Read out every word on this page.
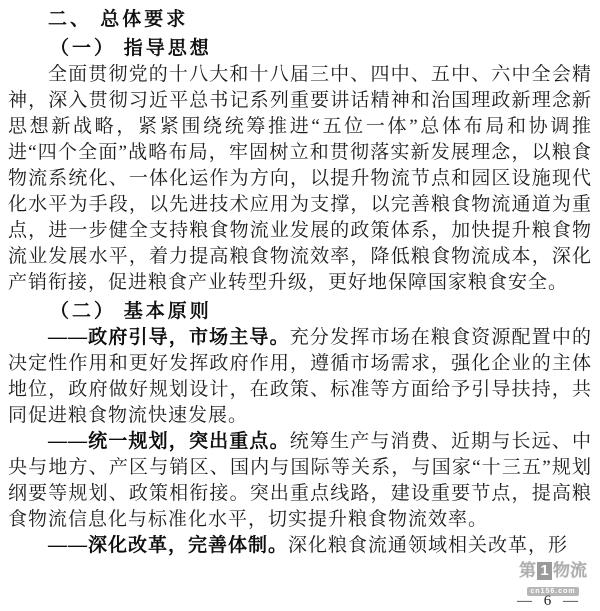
二、 总体要求
（一） 指导思想

全面贯彻党的十八大和十八届三中、四中、五中、六中全会精神，深入贯彻习近平总书记系列重要讲话精神和治国理政新理念新思想新战略，紧紧围绕统筹推进“五位一体”总体布局和协调推进“四个全面”战略布局，牢固树立和贯彻落实新发展理念，以粮食物流系统化、一体化运作为方向，以提升物流节点和园区设施现代化水平为手段，以先进技术应用为支撑，以完善粮食物流通道为重点，进一步健全支持粮食物流业发展的政策体系，加快提升粮食物流业发展水平，着力提高粮食物流效率，降低粮食物流成本，深化产销衔接，促进粮食产业转型升级，更好地保障国家粮食安全。

（二） 基本原则

——政府引导，市场主导。充分发挥市场在粮食资源配置中的决定性作用和更好发挥政府作用，遵循市场需求，强化企业的主体地位，政府做好规划设计，在政策、标准等方面给予引导扶持，共同促进粮食物流快速发展。

——统一规划，突出重点。统筹生产与消费、近期与长远、中央与地方、产区与销区、国内与国际等关系，与国家“十三五”规划纲要等规划、政策相衔接。突出重点线路，建设重要节点，提高粮食物流信息化与标准化水平，切实提升粮食物流效率。

——深化改革，完善体制。深化粮食流通领域相关改革，形

第 1 物流
cn156.com
— 6 —
